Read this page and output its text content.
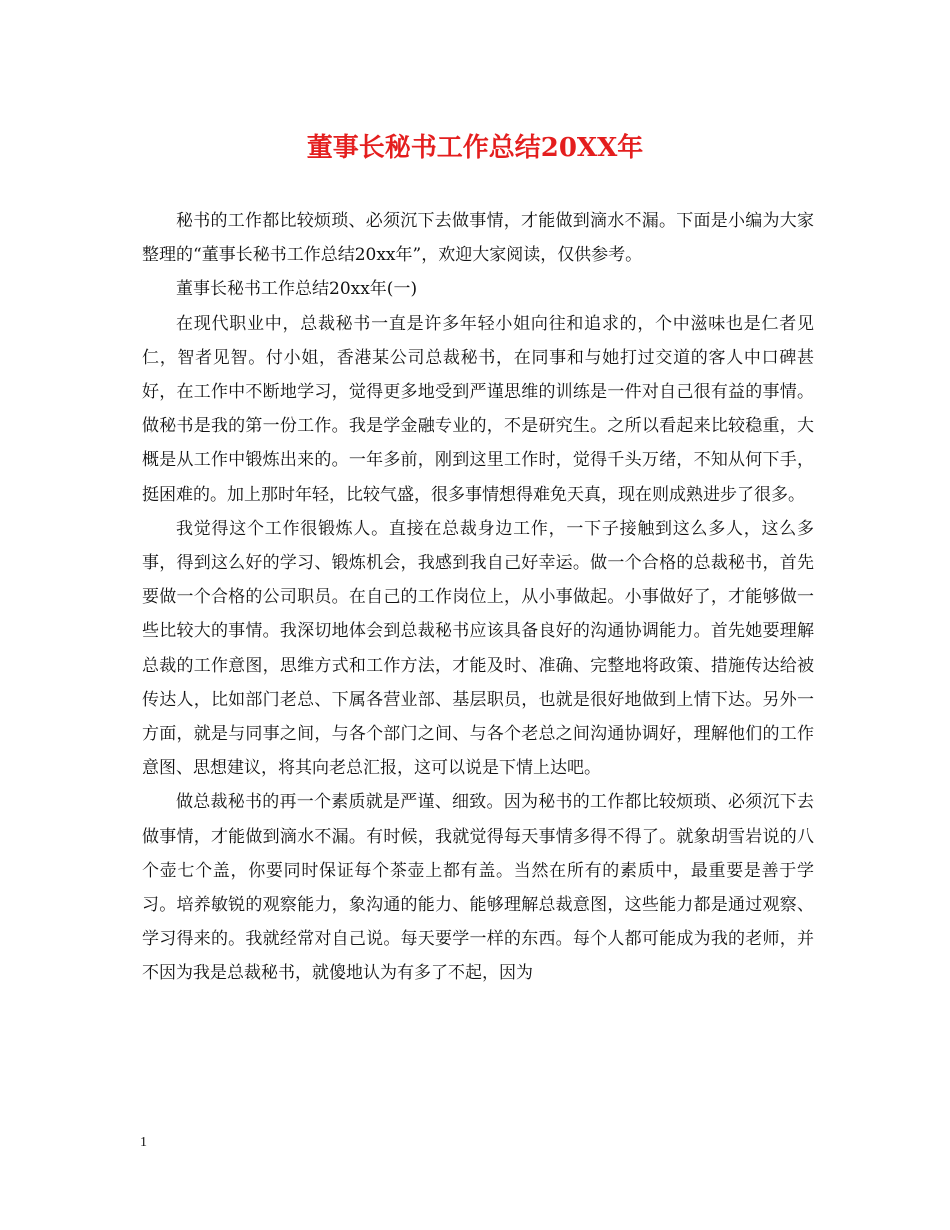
董事长秘书工作总结20XX年

秘书的工作都比较烦琐、必须沉下去做事情，才能做到滴水不漏。下面是小编为大家整理的“董事长秘书工作总结20xx年”，欢迎大家阅读，仅供参考。

董事长秘书工作总结20xx年(一)

在现代职业中，总裁秘书一直是许多年轻小姐向往和追求的，个中滋味也是仁者见仁，智者见智。付小姐，香港某公司总裁秘书，在同事和与她打过交道的客人中口碑甚好，在工作中不断地学习，觉得更多地受到严谨思维的训练是一件对自己很有益的事情。做秘书是我的第一份工作。我是学金融专业的，不是研究生。之所以看起来比较稳重，大概是从工作中锻炼出来的。一年多前，刚到这里工作时，觉得千头万绪，不知从何下手，挺困难的。加上那时年轻，比较气盛，很多事情想得难免天真，现在则成熟进步了很多。

我觉得这个工作很锻炼人。直接在总裁身边工作，一下子接触到这么多人，这么多事，得到这么好的学习、锻炼机会，我感到我自己好幸运。做一个合格的总裁秘书，首先要做一个合格的公司职员。在自己的工作岗位上，从小事做起。小事做好了，才能够做一些比较大的事情。我深切地体会到总裁秘书应该具备良好的沟通协调能力。首先她要理解总裁的工作意图，思维方式和工作方法，才能及时、准确、完整地将政策、措施传达给被传达人，比如部门老总、下属各营业部、基层职员，也就是很好地做到上情下达。另外一方面，就是与同事之间，与各个部门之间、与各个老总之间沟通协调好，理解他们的工作意图、思想建议，将其向老总汇报，这可以说是下情上达吧。

做总裁秘书的再一个素质就是严谨、细致。因为秘书的工作都比较烦琐、必须沉下去做事情，才能做到滴水不漏。有时候，我就觉得每天事情多得不得了。就象胡雪岩说的八个壶七个盖，你要同时保证每个茶壶上都有盖。当然在所有的素质中，最重要是善于学习。培养敏锐的观察能力，象沟通的能力、能够理解总裁意图，这些能力都是通过观察、学习得来的。我就经常对自己说。每天要学一样的东西。每个人都可能成为我的老师，并不因为我是总裁秘书，就傻地认为有多了不起，因为

1
